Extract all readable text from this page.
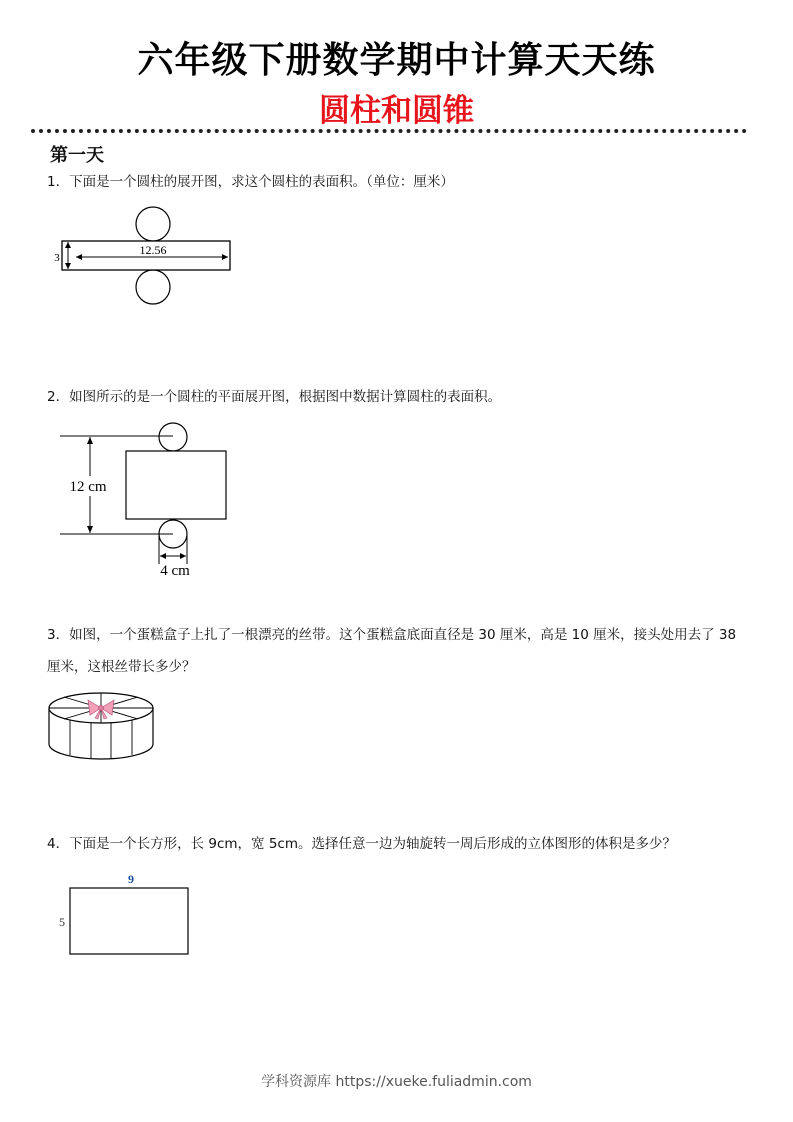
六年级下册数学期中计算天天练
圆柱和圆锥
第一天
1．下面是一个圆柱的展开图，求这个圆柱的表面积。（单位：厘米）
3
12.56
2．如图所示的是一个圆柱的平面展开图，根据图中数据计算圆柱的表面积。
12 cm
4 cm
3．如图，一个蛋糕盒子上扎了一根漂亮的丝带。这个蛋糕盒底面直径是 30 厘米，高是 10 厘米，接头处用去了 38 厘米，这根丝带长多少？
4．下面是一个长方形，长 9cm，宽 5cm。选择任意一边为轴旋转一周后形成的立体图形的体积是多少？
9
5
学科资源库 https://xueke.fuliadmin.com
